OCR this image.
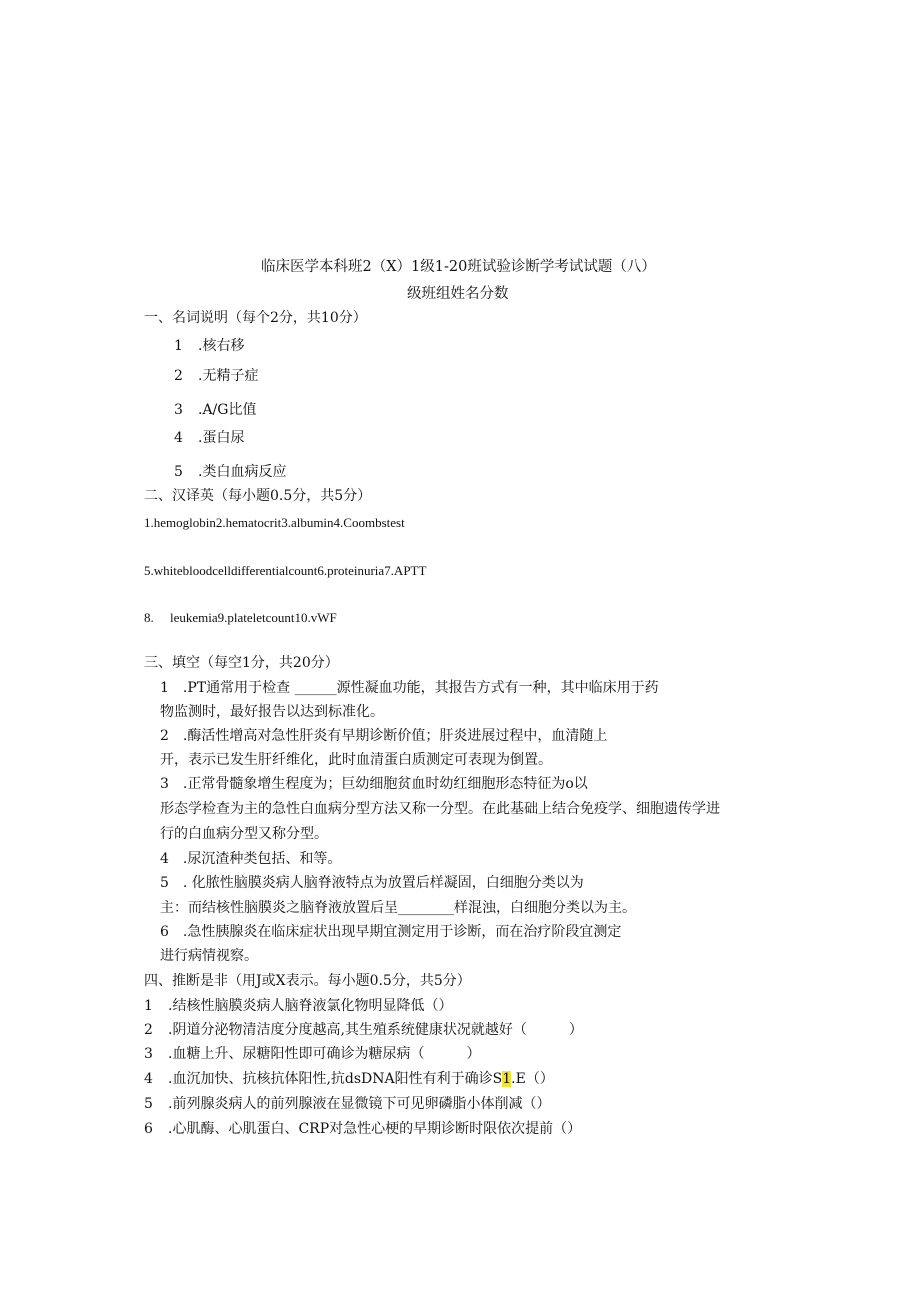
临床医学本科班2（X）1级1-20班试验诊断学考试试题（八）
级班组姓名分数
一、名词说明（每个2分，共10分）
1 .核右移
2 .无精子症
3 .A/G比值
4 .蛋白尿
5 .类白血病反应
二、汉译英（每小题0.5分，共5分）
1.hemoglobin2.hematocrit3.albumin4.Coombstest
5.whitebloodcelldifferentialcount6.proteinuria7.APTT
8. leukemia9.plateletcount10.vWF
三、填空（每空1分，共20分）
1　.PT通常用于检查 ______源性凝血功能，其报告方式有一种，其中临床用于药
物监测时，最好报告以达到标准化。
2　.酶活性增高对急性肝炎有早期诊断价值；肝炎进展过程中，血清随上
开，表示已发生肝纤维化，此时血清蛋白质测定可表现为倒置。
3　.正常骨髓象增生程度为；巨幼细胞贫血时幼红细胞形态特征为o以
形态学检查为主的急性白血病分型方法又称一分型。在此基础上结合免疫学、细胞遗传学进
行的白血病分型又称分型。
4　.尿沉渣种类包括、和等。
5　. 化脓性脑膜炎病人脑脊液特点为放置后样凝固，白细胞分类以为
主：而结核性脑膜炎之脑脊液放置后呈________样混浊，白细胞分类以为主。
6　.急性胰腺炎在临床症状出现早期宜测定用于诊断，而在治疗阶段宜测定
进行病情视察。
四、推断是非（用J或X表示。每小题0.5分，共5分）
1 .结核性脑膜炎病人脑脊液氯化物明显降低（）
2 .阴道分泌物清洁度分度越高,其生殖系统健康状况就越好（　　　）
3 .血糖上升、尿糖阳性即可确诊为糖尿病（　　　）
4 .血沉加快、抗核抗体阳性,抗dsDNA阳性有利于确诊S1.E（）
5 .前列腺炎病人的前列腺液在显微镜下可见卵磷脂小体削减（）
6 .心肌酶、心肌蛋白、CRP对急性心梗的早期诊断时限依次提前（）
